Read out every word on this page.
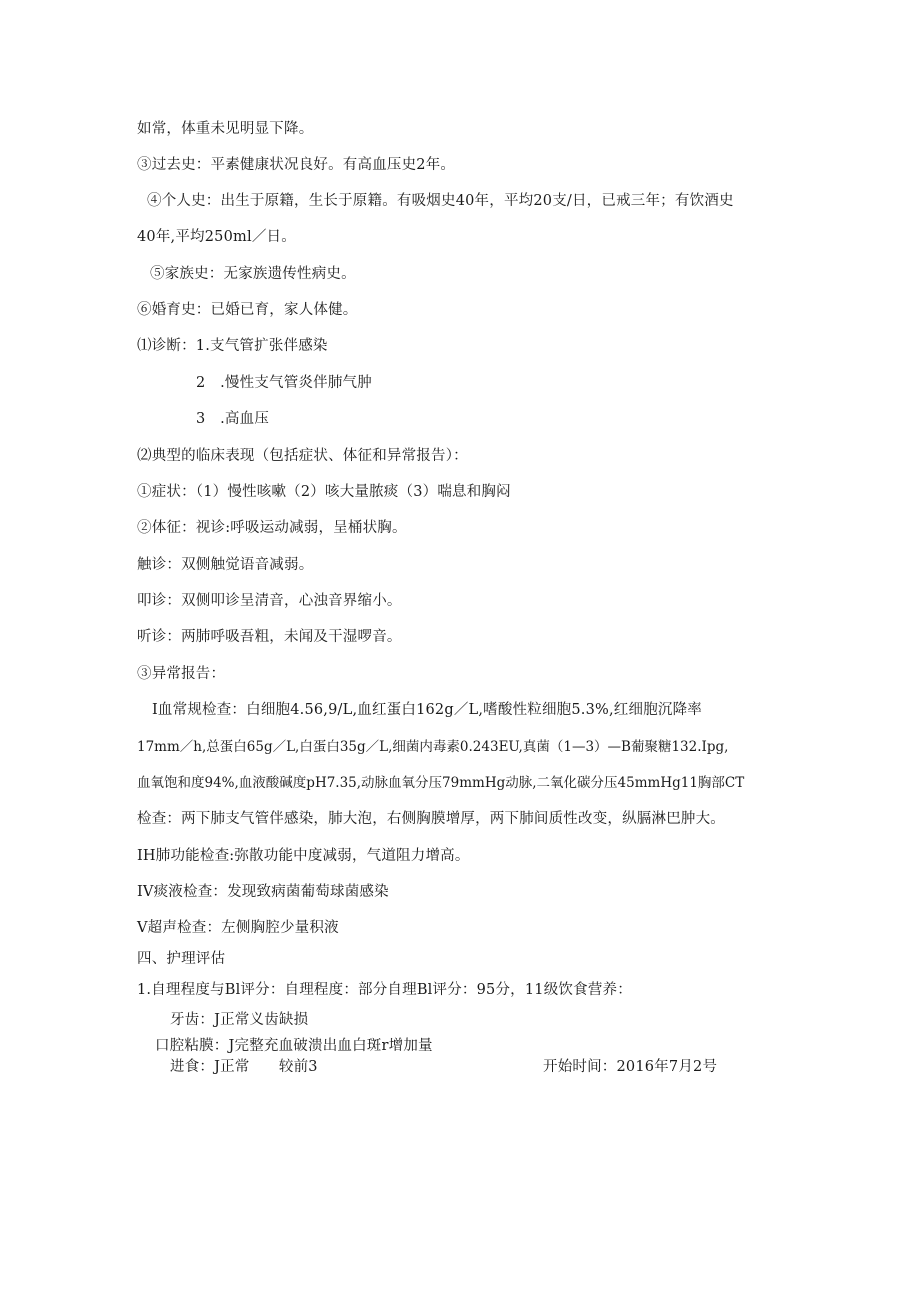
如常，体重未见明显下降。
③过去史：平素健康状况良好。有高血压史2年。
④个人史：出生于原籍，生长于原籍。有吸烟史40年，平均20支/日，已戒三年；有饮酒史
40年,平均250ml／日。
⑤家族史：无家族遗传性病史。
⑥婚育史：已婚已育，家人体健。
⑴诊断：1.支气管扩张伴感染
2　.慢性支气管炎伴肺气肿
3　.高血压
⑵典型的临床表现（包括症状、体征和异常报告）：
①症状：（1）慢性咳嗽（2）咳大量脓痰（3）喘息和胸闷
②体征：视诊:呼吸运动减弱，呈桶状胸。
触诊：双侧触觉语音减弱。
叩诊：双侧叩诊呈清音，心浊音界缩小。
听诊：两肺呼吸吾粗，未闻及干湿啰音。
③异常报告：
I血常规检查：白细胞4.56,9/L,血红蛋白162g／L,嗜酸性粒细胞5.3%,红细胞沉降率
17mm／h,总蛋白65g／L,白蛋白35g／L,细菌内毒素0.243EU,真菌（1—3）—B葡聚糖132.Ipg,
血氧饱和度94%,血液酸碱度pH7.35,动脉血氧分压79mmHg动脉,二氧化碳分压45mmHg11胸部CT
检查：两下肺支气管伴感染，肺大泡，右侧胸膜增厚，两下肺间质性改变，纵膈淋巴肿大。
IH肺功能检查:弥散功能中度减弱，气道阻力增高。
IV痰液检查：发现致病菌葡萄球菌感染
V超声检查：左侧胸腔少量积液
四、护理评估
1.自理程度与Bl评分：自理程度：部分自理Bl评分：95分，11级饮食营养：
牙齿：J正常义齿缺损
口腔粘膜：J完整充血破溃出血白斑r增加量
进食：J正常　　较前3	开始时间：2016年7月2号
